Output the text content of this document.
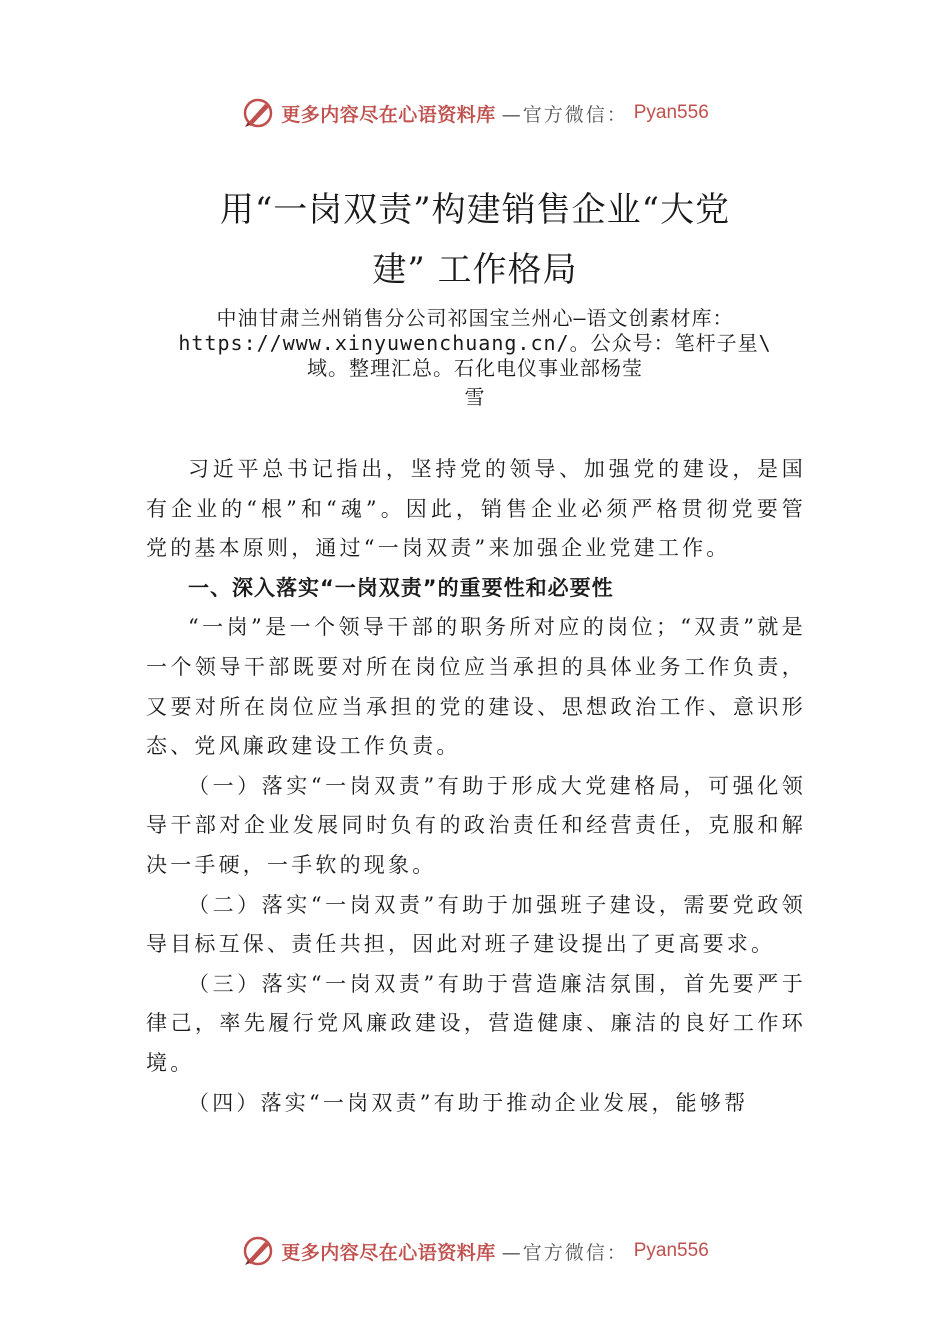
更多内容尽在心语资料库 —官方微信： Pyan556
用“一岗双责”构建销售企业“大党
建” 工作格局
中油甘肃兰州销售分公司祁国宝兰州心—语文创素材库：
https://www.xinyuwenchuang.cn/。公众号：笔杆子星\
域。整理汇总。石化电仪事业部杨莹
雪

习近平总书记指出，坚持党的领导、加强党的建设，是国有企业的“根”和“魂”。因此，销售企业必须严格贯彻党要管党的基本原则，通过“一岗双责”来加强企业党建工作。

一、深入落实“一岗双责”的重要性和必要性

“一岗”是一个领导干部的职务所对应的岗位；“双责”就是一个领导干部既要对所在岗位应当承担的具体业务工作负责，又要对所在岗位应当承担的党的建设、思想政治工作、意识形态、党风廉政建设工作负责。

（一）落实“一岗双责”有助于形成大党建格局，可强化领导干部对企业发展同时负有的政治责任和经营责任，克服和解决一手硬，一手软的现象。

（二）落实“一岗双责”有助于加强班子建设，需要党政领导目标互保、责任共担，因此对班子建设提出了更高要求。

（三）落实“一岗双责”有助于营造廉洁氛围，首先要严于律己，率先履行党风廉政建设，营造健康、廉洁的良好工作环境。

（四）落实“一岗双责”有助于推动企业发展，能够帮

更多内容尽在心语资料库 —官方微信： Pyan556
